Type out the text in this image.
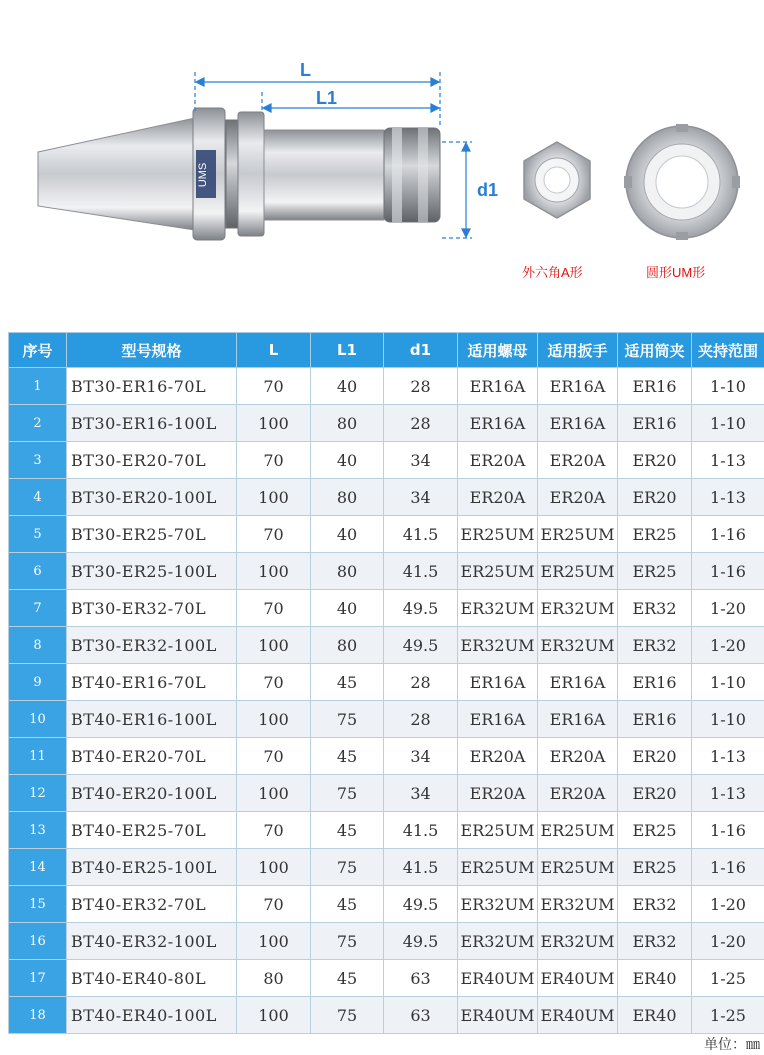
UMS
L
L1
d1
外六角A形	圆形UM形
序号	型号规格	L	L1	d1	适用螺母	适用扳手	适用筒夹	夹持范围
1	BT30-ER16-70L	70	40	28	ER16A	ER16A	ER16	1-10
2	BT30-ER16-100L	100	80	28	ER16A	ER16A	ER16	1-10
3	BT30-ER20-70L	70	40	34	ER20A	ER20A	ER20	1-13
4	BT30-ER20-100L	100	80	34	ER20A	ER20A	ER20	1-13
5	BT30-ER25-70L	70	40	41.5	ER25UM	ER25UM	ER25	1-16
6	BT30-ER25-100L	100	80	41.5	ER25UM	ER25UM	ER25	1-16
7	BT30-ER32-70L	70	40	49.5	ER32UM	ER32UM	ER32	1-20
8	BT30-ER32-100L	100	80	49.5	ER32UM	ER32UM	ER32	1-20
9	BT40-ER16-70L	70	45	28	ER16A	ER16A	ER16	1-10
10	BT40-ER16-100L	100	75	28	ER16A	ER16A	ER16	1-10
11	BT40-ER20-70L	70	45	34	ER20A	ER20A	ER20	1-13
12	BT40-ER20-100L	100	75	34	ER20A	ER20A	ER20	1-13
13	BT40-ER25-70L	70	45	41.5	ER25UM	ER25UM	ER25	1-16
14	BT40-ER25-100L	100	75	41.5	ER25UM	ER25UM	ER25	1-16
15	BT40-ER32-70L	70	45	49.5	ER32UM	ER32UM	ER32	1-20
16	BT40-ER32-100L	100	75	49.5	ER32UM	ER32UM	ER32	1-20
17	BT40-ER40-80L	80	45	63	ER40UM	ER40UM	ER40	1-25
18	BT40-ER40-100L	100	75	63	ER40UM	ER40UM	ER40	1-25
单位：㎜
